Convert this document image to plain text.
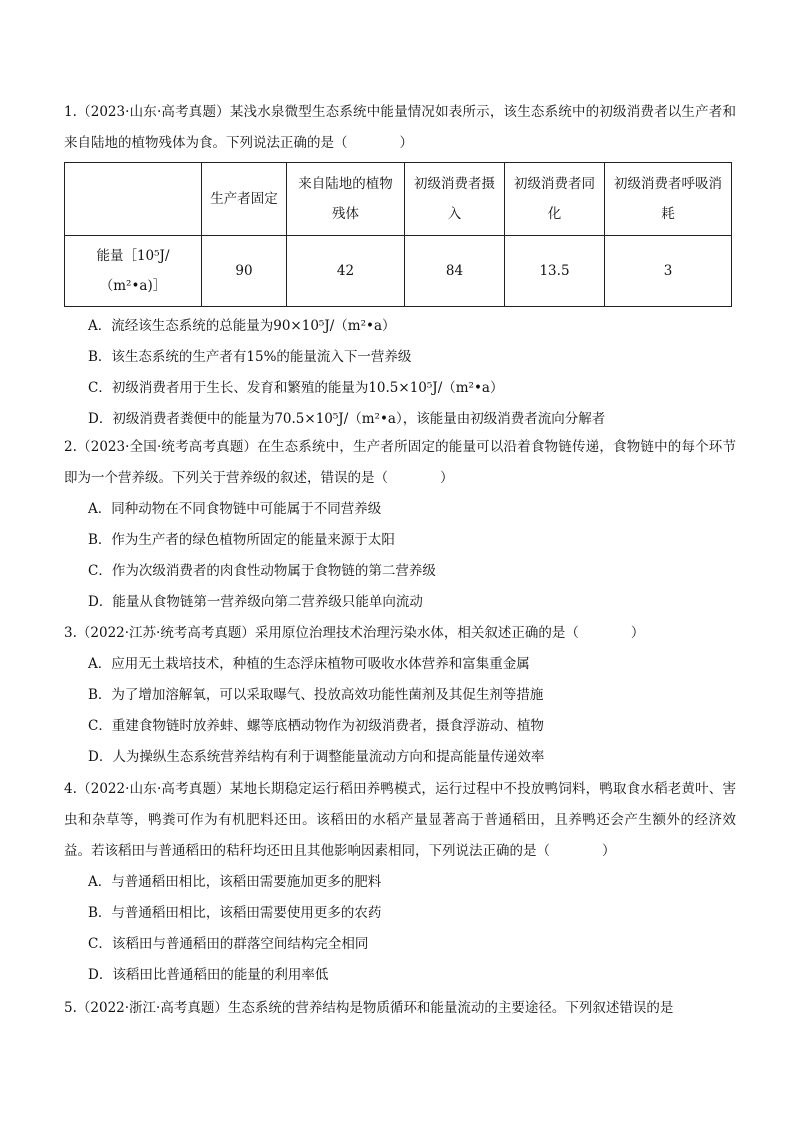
1.（2023·山东·高考真题）某浅水泉微型生态系统中能量情况如表所示，该生态系统中的初级消费者以生产者和来自陆地的植物残体为食。下列说法正确的是（	）

	生产者固定	来自陆地的植物残体	初级消费者摄入	初级消费者同化	初级消费者呼吸消耗
能量［10⁵J/（m²•a)］	90	42	84	13.5	3

A．流经该生态系统的总能量为90×10⁵J/（m²•a）

B．该生态系统的生产者有15%的能量流入下一营养级

C．初级消费者用于生长、发育和繁殖的能量为10.5×10⁵J/（m²•a）

D．初级消费者粪便中的能量为70.5×10⁵J/（m²•a），该能量由初级消费者流向分解者

2.（2023·全国·统考高考真题）在生态系统中，生产者所固定的能量可以沿着食物链传递，食物链中的每个环节即为一个营养级。下列关于营养级的叙述，错误的是（	）

A．同种动物在不同食物链中可能属于不同营养级

B．作为生产者的绿色植物所固定的能量来源于太阳

C．作为次级消费者的肉食性动物属于食物链的第二营养级

D．能量从食物链第一营养级向第二营养级只能单向流动

3.（2022·江苏·统考高考真题）采用原位治理技术治理污染水体，相关叙述正确的是（	）

A．应用无土栽培技术，种植的生态浮床植物可吸收水体营养和富集重金属

B．为了增加溶解氧，可以采取曝气、投放高效功能性菌剂及其促生剂等措施

C．重建食物链时放养蚌、螺等底栖动物作为初级消费者，摄食浮游动、植物

D．人为操纵生态系统营养结构有利于调整能量流动方向和提高能量传递效率

4.（2022·山东·高考真题）某地长期稳定运行稻田养鸭模式，运行过程中不投放鸭饲料，鸭取食水稻老黄叶、害虫和杂草等，鸭粪可作为有机肥料还田。该稻田的水稻产量显著高于普通稻田，且养鸭还会产生额外的经济效益。若该稻田与普通稻田的秸秆均还田且其他影响因素相同，下列说法正确的是（	）

A．与普通稻田相比，该稻田需要施加更多的肥料

B．与普通稻田相比，该稻田需要使用更多的农药

C．该稻田与普通稻田的群落空间结构完全相同

D．该稻田比普通稻田的能量的利用率低

5.（2022·浙江·高考真题）生态系统的营养结构是物质循环和能量流动的主要途径。下列叙述错误的是
